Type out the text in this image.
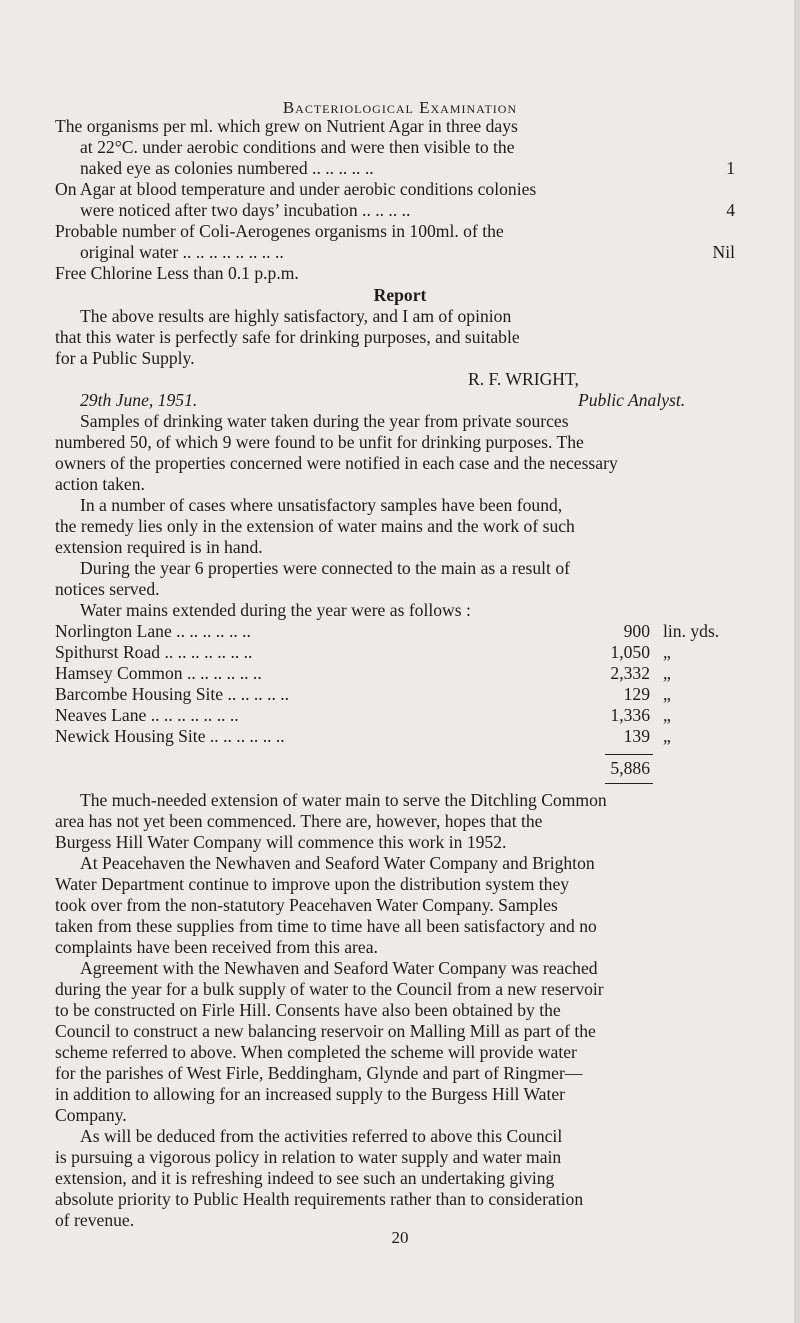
Bacteriological Examination
The organisms per ml. which grew on Nutrient Agar in three days
at 22°C. under aerobic conditions and were then visible to the
naked eye as colonies numbered .. .. .. .. ..	1
On Agar at blood temperature and under aerobic conditions colonies
were noticed after two days’ incubation .. .. .. ..	4
Probable number of Coli-Aerogenes organisms in 100ml. of the
original water .. .. .. .. .. .. .. ..	Nil
Free Chlorine Less than 0.1 p.p.m.
Report
The above results are highly satisfactory, and I am of opinion
that this water is perfectly safe for drinking purposes, and suitable
for a Public Supply.
R. F. WRIGHT,
29th June, 1951.	Public Analyst.
Samples of drinking water taken during the year from private sources
numbered 50, of which 9 were found to be unfit for drinking purposes. The
owners of the properties concerned were notified in each case and the necessary
action taken.
In a number of cases where unsatisfactory samples have been found,
the remedy lies only in the extension of water mains and the work of such
extension required is in hand.
During the year 6 properties were connected to the main as a result of
notices served.
Water mains extended during the year were as follows :
Norlington Lane .. .. .. .. .. ..	900 lin. yds.
Spithurst Road .. .. .. .. .. .. ..	1,050 „
Hamsey Common .. .. .. .. .. ..	2,332 „
Barcombe Housing Site .. .. .. .. ..	129 „
Neaves Lane .. .. .. .. .. .. ..	1,336 „
Newick Housing Site .. .. .. .. .. ..	139 „
5,886
The much-needed extension of water main to serve the Ditchling Common
area has not yet been commenced. There are, however, hopes that the
Burgess Hill Water Company will commence this work in 1952.
At Peacehaven the Newhaven and Seaford Water Company and Brighton
Water Department continue to improve upon the distribution system they
took over from the non-statutory Peacehaven Water Company. Samples
taken from these supplies from time to time have all been satisfactory and no
complaints have been received from this area.
Agreement with the Newhaven and Seaford Water Company was reached
during the year for a bulk supply of water to the Council from a new reservoir
to be constructed on Firle Hill. Consents have also been obtained by the
Council to construct a new balancing reservoir on Malling Mill as part of the
scheme referred to above. When completed the scheme will provide water
for the parishes of West Firle, Beddingham, Glynde and part of Ringmer—
in addition to allowing for an increased supply to the Burgess Hill Water
Company.
As will be deduced from the activities referred to above this Council
is pursuing a vigorous policy in relation to water supply and water main
extension, and it is refreshing indeed to see such an undertaking giving
absolute priority to Public Health requirements rather than to consideration
of revenue.
20
